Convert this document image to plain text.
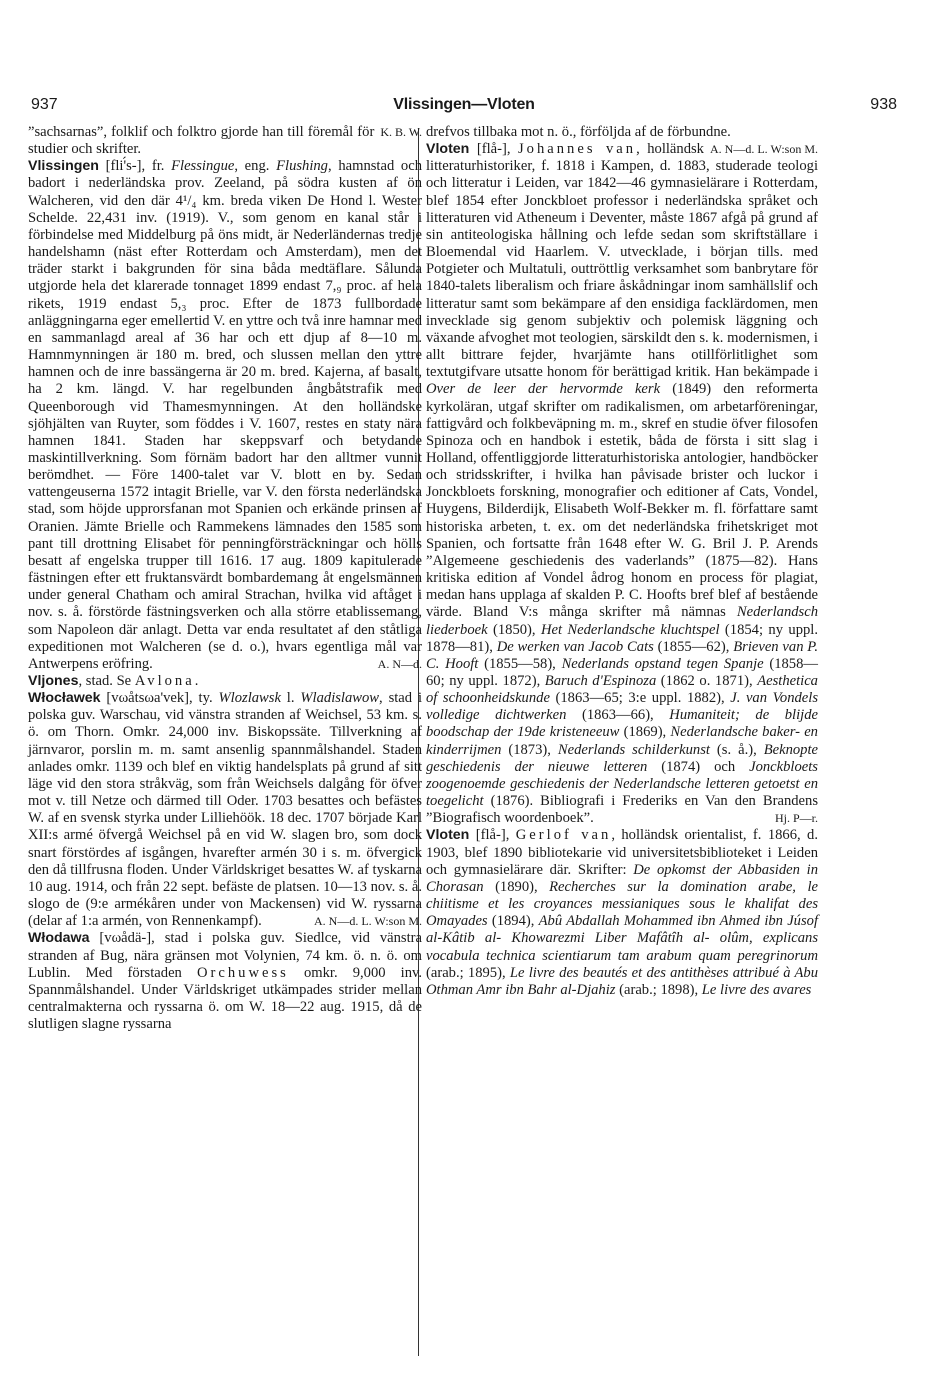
937	Vlissingen—Vloten	938

K. B. W.
”sachsarnas”, folklif och folktro gjorde han till föremål för studier och skrifter.

Vlissingen [fli'́s-], fr. Flessingue, eng. Flushing, hamnstad och badort i nederländska prov. Zeeland, på södra kusten af ön Walcheren, vid den där 4¹/₄ km. breda viken De Hond l. Wester Schelde. 22,431 inv. (1919). V., som genom en kanal står i förbindelse med Middelburg på öns midt, är Nederländernas tredje handelshamn (näst efter Rotterdam och Amsterdam), men det träder starkt i bakgrunden för sina båda medtäflare. Sålunda utgjorde hela det klarerade tonnaget 1899 endast 7,₉ proc. af hela rikets, 1919 endast 5,₃ proc. Efter de 1873 fullbordade anläggningarna eger emellertid V. en yttre och två inre hamnar med en sammanlagd areal af 36 har och ett djup af 8—10 m. Hamnmynningen är 180 m. bred, och slussen mellan den yttre hamnen och de inre bassängerna är 20 m. bred. Kajerna, af basalt, ha 2 km. längd. V. har regelbunden ångbåtstrafik med Queenborough vid Thamesmynningen. At den holländske sjöhjälten van Ruyter, som föddes i V. 1607, restes en staty nära hamnen 1841. Staden har skeppsvarf och betydande maskintillverkning. Som förnäm badort har den alltmer vunnit berömdhet. — Före 1400-talet var V. blott en by. Sedan vattengeuserna 1572 intagit Brielle, var V. den första nederländska stad, som höjde upprorsfanan mot Spanien och erkände prinsen af Oranien. Jämte Brielle och Rammekens lämnades den 1585 som pant till drottning Elisabet för penningförsträckningar och hölls besatt af engelska trupper till 1616. 17 aug. 1809 kapitulerade fästningen efter ett fruktansvärdt bombardemang åt engelsmännen under general Chatham och amiral Strachan, hvilka vid aftåget i nov. s. å. förstörde fästningsverken och alla större etablissemang, som Napoleon där anlagt. Detta var enda resultatet af den ståtliga expeditionen mot Walcheren (se d. o.), hvars egentliga mål var Antwerpens eröfring.	A. N—d.

Vljones, stad. Se Avlona.

Włocławek [vωåtsωa'vek], ty. Wlozlawsk l. Wladislawow, stad i polska guv. Warschau, vid vänstra stranden af Weichsel, 53 km. s. ö. om Thorn. Omkr. 24,000 inv. Biskopssäte. Tillverkning af järnvaror, porslin m. m. samt ansenlig spannmålshandel. Staden anlades omkr. 1139 och blef en viktig handelsplats på grund af sitt läge vid den stora stråkväg, som från Weichsels dalgång för öfver mot v. till Netze och därmed till Oder. 1703 besattes och befästes W. af en svensk styrka under Lilliehöök. 18 dec. 1707 började Karl XII:s armé öfvergå Weichsel på en vid W. slagen bro, som dock snart förstördes af isgången, hvarefter armén 30 i s. m. öfvergick den då tillfrusna floden. Under Världskriget besattes W. af tyskarna 10 aug. 1914, och från 22 sept. befäste de platsen. 10—13 nov. s. å. slogo de (9:e armékåren under von Mackensen) vid W. ryssarna (delar af 1:a armén, von Rennenkampf).	A. N—d. L. W:son M.

Włodawa [vωådä-], stad i polska guv. Siedlce, vid vänstra stranden af Bug, nära gränsen mot Volynien, 74 km. ö. n. ö. om Lublin. Med förstaden Orchuwess omkr. 9,000 inv. Spannmålshandel. Under Världskriget utkämpades strider mellan centralmakterna och ryssarna ö. om W. 18—22 aug. 1915, då de slutligen slagne ryssarna

drefvos tillbaka mot n. ö., förföljda af de förbundne.
A. N—d. L. W:son M.

Vloten [flå-], Johannes van, holländsk litteraturhistoriker, f. 1818 i Kampen, d. 1883, studerade teologi och litteratur i Leiden, var 1842—46 gymnasielärare i Rotterdam, blef 1854 efter Jonckbloet professor i nederländska språket och litteraturen vid Atheneum i Deventer, måste 1867 afgå på grund af sin antiteologiska hållning och lefde sedan som skriftställare i Bloemendal vid Haarlem. V. utvecklade, i början tills. med Potgieter och Multatuli, outtröttlig verksamhet som banbrytare för 1840-talets liberalism och friare åskådningar inom samhällslif och litteratur samt som bekämpare af den ensidiga facklärdomen, men invecklade sig genom subjektiv och polemisk läggning och växande afvoghet mot teologien, särskildt den s. k. modernismen, i allt bittrare fejder, hvarjämte hans otillförlitlighet som textutgifvare utsatte honom för berättigad kritik. Han bekämpade i Over de leer der hervormde kerk (1849) den reformerta kyrkoläran, utgaf skrifter om radikalismen, om arbetarföreningar, fattigvård och folkbeväpning m. m., skref en studie öfver filosofen Spinoza och en handbok i estetik, båda de första i sitt slag i Holland, offentliggjorde litteraturhistoriska antologier, handböcker och stridsskrifter, i hvilka han påvisade brister och luckor i Jonckbloets forskning, monografier och editioner af Cats, Vondel, Huygens, Bilderdijk, Elisabeth Wolf-Bekker m. fl. författare samt historiska arbeten, t. ex. om det nederländska frihetskriget mot Spanien, och fortsatte från 1648 efter W. G. Bril J. P. Arends ”Algemeene geschiedenis des vaderlands” (1875—82). Hans kritiska edition af Vondel ådrog honom en process för plagiat, medan hans upplaga af skalden P. C. Hoofts bref blef af bestående värde. Bland V:s många skrifter må nämnas Nederlandsch liederboek (1850), Het Nederlandsche kluchtspel (1854; ny uppl. 1878—81), De werken van Jacob Cats (1855—62), Brieven van P. C. Hooft (1855—58), Nederlands opstand tegen Spanje (1858—60; ny uppl. 1872), Baruch d'Espinoza (1862 o. 1871), Aesthetica of schoonheidskunde (1863—65; 3:e uppl. 1882), J. van Vondels volledige dichtwerken (1863—66), Humaniteit; de blijde boodschap der 19de kristeneeuw (1869), Nederlandsche baker- en kinderrijmen (1873), Nederlands schilderkunst (s. å.), Beknopte geschiedenis der nieuwe letteren (1874) och Jonckbloets zoogenoemde geschiedenis der Nederlandsche letteren getoetst en toegelicht (1876). Bibliografi i Frederiks en Van den Brandens ”Biografisch woordenboek”.	Hj. P—r.

Vloten [flå-], Gerlof van, holländsk orientalist, f. 1866, d. 1903, blef 1890 bibliotekarie vid universitetsbiblioteket i Leiden och gymnasielärare där. Skrifter: De opkomst der Abbasiden in Chorasan (1890), Recherches sur la domination arabe, le chiitisme et les croyances messianiques sous le khalifat des Omayades (1894), Abû Abdallah Mohammed ibn Ahmed ibn Júsof al-Kâtib al- Khowarezmi Liber Mafâtîh al- olûm, explicans vocabula technica scientiarum tam arabum quam peregrinorum (arab.; 1895), Le livre des beautés et des antithèses attribué à Abu Othman Amr ibn Bahr al-Djahiz (arab.; 1898), Le livre des avares
